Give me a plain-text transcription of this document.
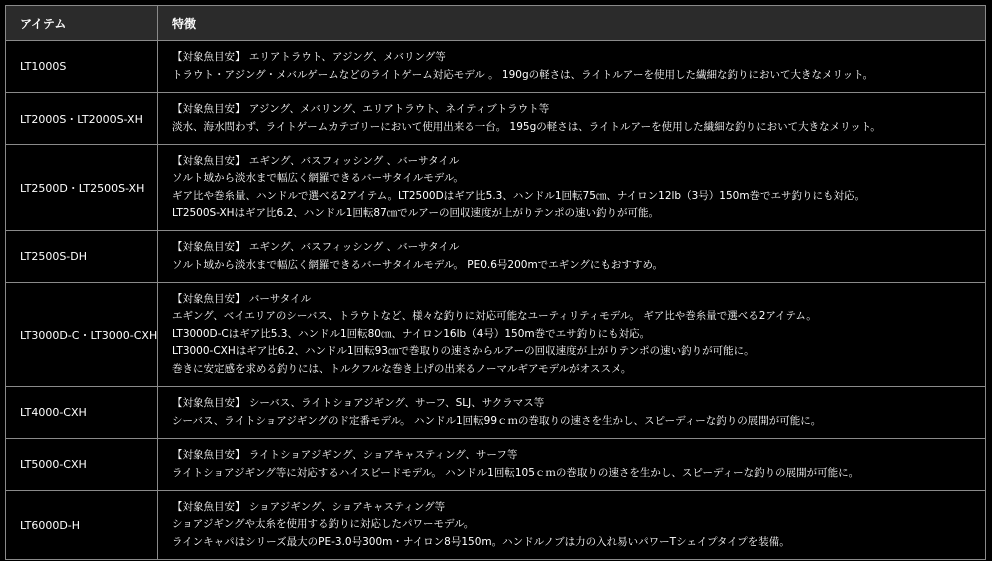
アイテム	特徴
LT1000S	【対象魚目安】 エリアトラウト、アジング、メバリング等
トラウト・アジング・メバルゲームなどのライトゲーム対応モデル 。 190gの軽さは、ライトルアーを使用した繊細な釣りにおいて大きなメリット。

LT2000S・LT2000S-XH	【対象魚目安】 アジング、メバリング、エリアトラウト、ネイティブトラウト等
淡水、海水問わず、ライトゲームカテゴリーにおいて使用出来る一台。 195gの軽さは、ライトルアーを使用した繊細な釣りにおいて大きなメリット。

LT2500D・LT2500S-XH	【対象魚目安】 エギング、バスフィッシング 、バーサタイル
ソルト域から淡水まで幅広く網羅できるバーサタイルモデル。
ギア比や巻糸量、ハンドルで選べる2アイテム。LT2500Dはギア比5.3、ハンドル1回転75㎝、ナイロン12lb（3号）150m巻でエサ釣りにも対応。
LT2500S-XHはギア比6.2、ハンドル1回転87㎝でルアーの回収速度が上がりテンポの速い釣りが可能。

LT2500S-DH	【対象魚目安】 エギング、バスフィッシング 、バーサタイル
ソルト域から淡水まで幅広く網羅できるバーサタイルモデル。 PE0.6号200mでエギングにもおすすめ。

LT3000D-C・LT3000-CXH	【対象魚目安】 バーサタイル
エギング、ベイエリアのシーバス、トラウトなど、様々な釣りに対応可能なユーティリティモデル。 ギア比や巻糸量で選べる2アイテム。
LT3000D-Cはギア比5.3、ハンドル1回転80㎝、ナイロン16lb（4号）150m巻でエサ釣りにも対応。
LT3000-CXHはギア比6.2、ハンドル1回転93㎝で巻取りの速さからルアーの回収速度が上がりテンポの速い釣りが可能に。
巻きに安定感を求める釣りには、トルクフルな巻き上げの出来るノーマルギアモデルがオススメ。

LT4000-CXH	【対象魚目安】 シーバス、ライトショアジギング、サーフ、SLJ、サクラマス等
シーバス、ライトショアジギングのド定番モデル。 ハンドル1回転99ｃｍの巻取りの速さを生かし、スピーディーな釣りの展開が可能に。

LT5000-CXH	【対象魚目安】 ライトショアジギング、ショアキャスティング、サーフ等
ライトショアジギング等に対応するハイスピードモデル。 ハンドル1回転105ｃｍの巻取りの速さを生かし、スピーディーな釣りの展開が可能に。

LT6000D-H	【対象魚目安】 ショアジギング、ショアキャスティング等
ショアジギングや太糸を使用する釣りに対応したパワーモデル。
ラインキャパはシリーズ最大のPE-3.0号300m・ナイロン8号150m。ハンドルノブは力の入れ易いパワーTシェイプタイプを装備。
